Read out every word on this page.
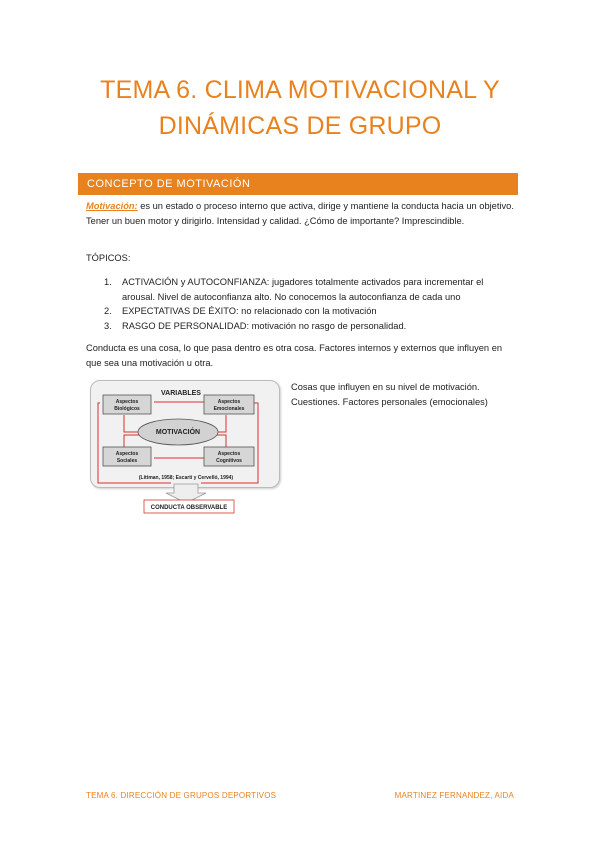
TEMA 6. CLIMA MOTIVACIONAL Y
DINÁMICAS DE GRUPO
CONCEPTO DE MOTIVACIÓN
Motivación: es un estado o proceso interno que activa, dirige y mantiene la conducta hacia un objetivo. Tener un buen motor y dirigirlo. Intensidad y calidad. ¿Cómo de importante? Imprescindible.
TÓPICOS:
1. ACTIVACIÓN y AUTOCONFIANZA: jugadores totalmente activados para incrementar el arousal. Nivel de autoconfianza alto. No conocemos la autoconfianza de cada uno
2. EXPECTATIVAS DE ÉXITO: no relacionado con la motivación
3. RASGO DE PERSONALIDAD: motivación no rasgo de personalidad.
Conducta es una cosa, lo que pasa dentro es otra cosa. Factores internos y externos que influyen en que sea una motivación u otra.
VARIABLES
Aspectos
Biológicos
Aspectos
Emocionales
MOTIVACIÓN
Aspectos
Sociales
Aspectos
Cognitivos
(Littman, 1958; Escartí y Cervelló, 1994)
CONDUCTA OBSERVABLE
Cosas que influyen en su nivel de motivación. Cuestiones. Factores personales (emocionales)
TEMA 6. DIRECCIÓN DE GRUPOS DEPORTIVOS	MARTINEZ FERNANDEZ, AIDA
